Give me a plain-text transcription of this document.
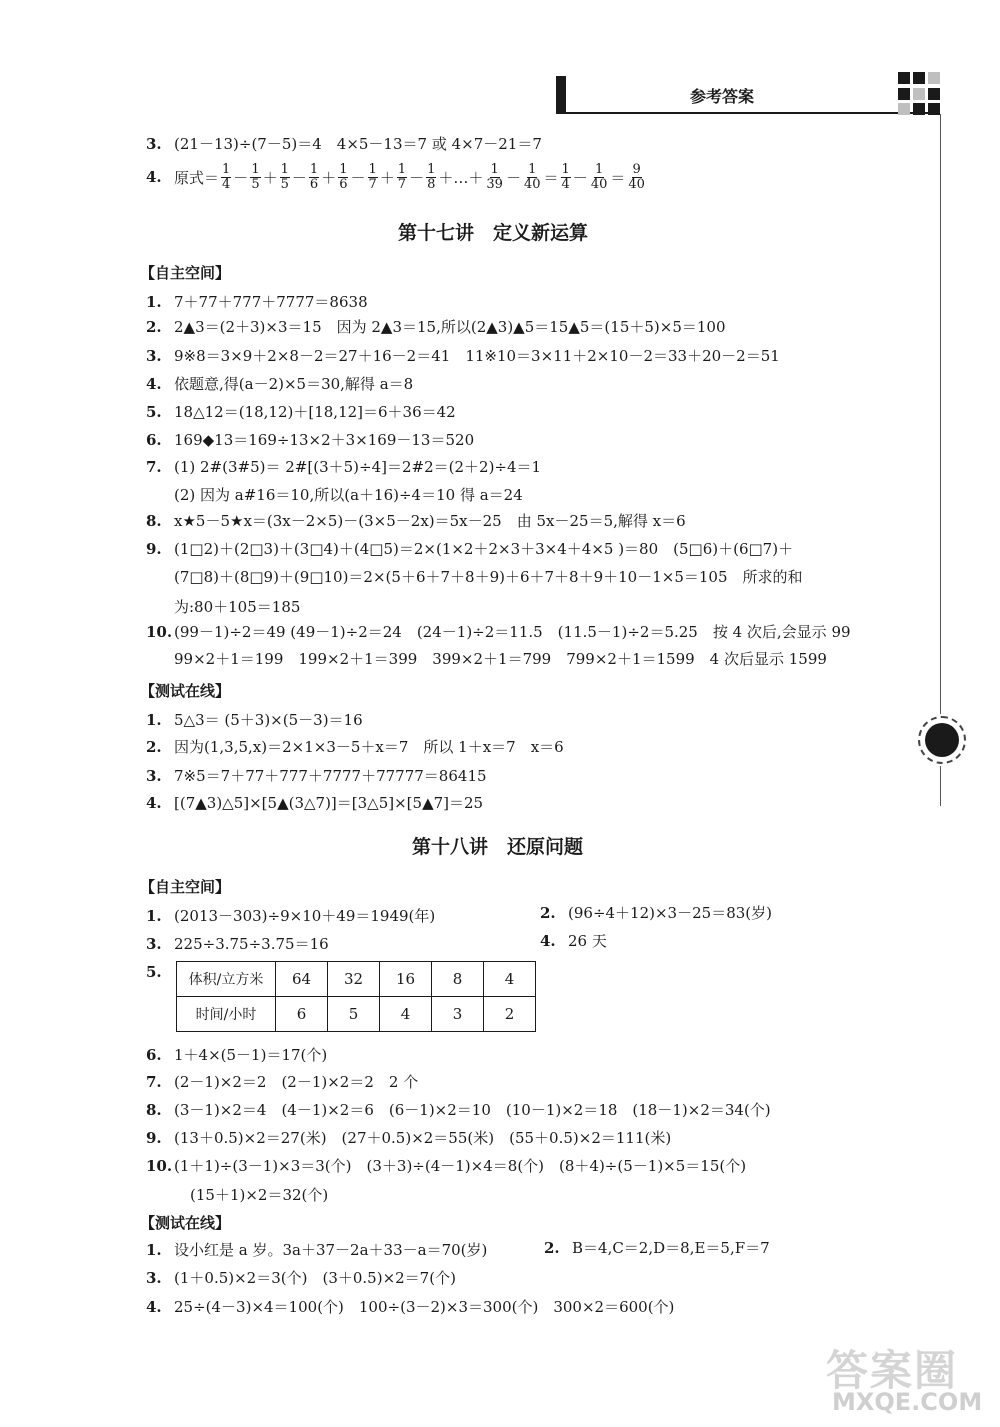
参考答案
3. (21－13)÷(7－5)＝4　4×5－13＝7 或 4×7－21＝7
4. 原式＝ $\frac{1}{4} - \frac{1}{5} + \frac{1}{5} - \frac{1}{6} + \frac{1}{6} - \frac{1}{7} + \frac{1}{7} - \frac{1}{8}$ ＋…＋ $\frac{1}{39} - \frac{1}{40} = \frac{1}{4} - \frac{1}{40} = \frac{9}{40}$
第十七讲　定义新运算
【自主空间】
1. 7＋77＋777＋7777＝8638
2. 2▲3＝(2＋3)×3＝15　因为 2▲3＝15,所以(2▲3)▲5＝15▲5＝(15＋5)×5＝100
3. 9※8＝3×9＋2×8－2＝27＋16－2＝41　11※10＝3×11＋2×10－2＝33＋20－2＝51
4. 依题意,得(a－2)×5＝30,解得 a＝8
5. 18△12＝(18,12)＋[18,12]＝6＋36＝42
6. 169◆13＝169÷13×2＋3×169－13＝520
7. (1) 2#(3#5)＝ 2#[(3＋5)÷4]＝2#2＝(2＋2)÷4＝1
(2) 因为 a#16＝10,所以(a＋16)÷4＝10 得 a＝24
8. x★5－5★x＝(3x－2×5)－(3×5－2x)＝5x－25　由 5x－25＝5,解得 x＝6
9. (1□2)＋(2□3)＋(3□4)＋(4□5)＝2×(1×2＋2×3＋3×4＋4×5 )＝80　(5□6)＋(6□7)＋
(7□8)＋(8□9)＋(9□10)＝2×(5＋6＋7＋8＋9)＋6＋7＋8＋9＋10－1×5＝105　所求的和
为:80＋105＝185
10. (99－1)÷2＝49 (49－1)÷2＝24　(24－1)÷2＝11.5　(11.5－1)÷2＝5.25　按 4 次后,会显示 99
99×2＋1＝199　199×2＋1＝399　399×2＋1＝799　799×2＋1＝1599　4 次后显示 1599
【测试在线】
1. 5△3＝ (5＋3)×(5－3)＝16
2. 因为(1,3,5,x)＝2×1×3－5＋x＝7　所以 1＋x＝7　x＝6
3. 7※5＝7＋77＋777＋7777＋77777＝86415
4. [(7▲3)△5]×[5▲(3△7)]＝[3△5]×[5▲7]＝25
第十八讲　还原问题
【自主空间】
1. (2013－303)÷9×10＋49＝1949(年)	2. (96÷4＋12)×3－25＝83(岁)
3. 225÷3.75÷3.75＝16	4. 26 天
5.	体积/立方米	64	32	16	8	4
时间/小时	6	5	4	3	2
6. 1＋4×(5－1)＝17(个)
7. (2－1)×2＝2　(2－1)×2＝2　2 个
8. (3－1)×2＝4　(4－1)×2＝6　(6－1)×2＝10　(10－1)×2＝18　(18－1)×2＝34(个)
9. (13＋0.5)×2＝27(米)　(27＋0.5)×2＝55(米)　(55＋0.5)×2＝111(米)
10. (1＋1)÷(3－1)×3＝3(个)　(3＋3)÷(4－1)×4＝8(个)　(8＋4)÷(5－1)×5＝15(个)
(15＋1)×2＝32(个)
【测试在线】
1. 设小红是 a 岁。3a＋37－2a＋33－a＝70(岁)	2. B＝4,C＝2,D＝8,E＝5,F＝7
3. (1＋0.5)×2＝3(个)　(3＋0.5)×2＝7(个)
4. 25÷(4－3)×4＝100(个)　100÷(3－2)×3＝300(个)　300×2＝600(个)
答案圈
MXQE.COM
